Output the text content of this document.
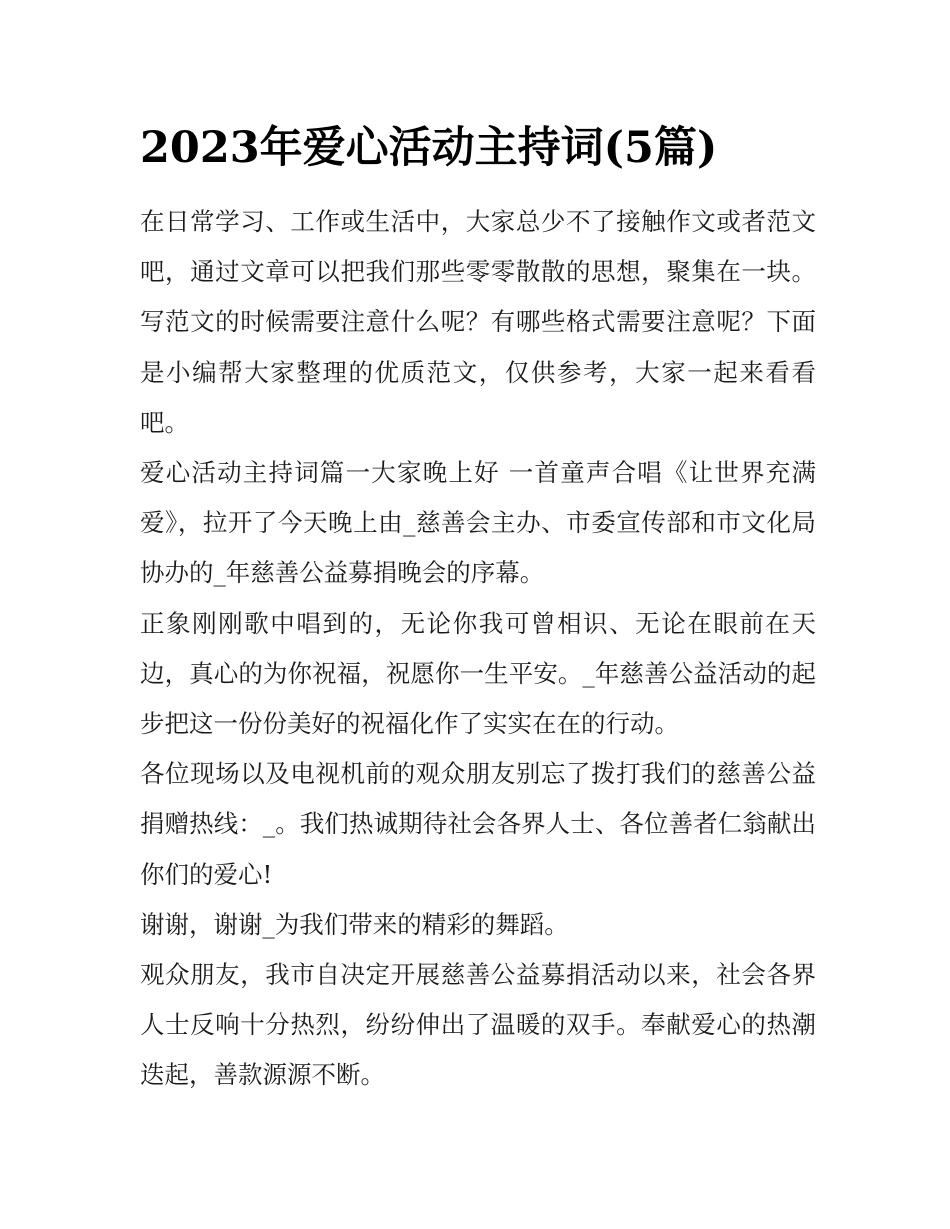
2023年爱心活动主持词(5篇)

在日常学习、工作或生活中，大家总少不了接触作文或者范文吧，通过文章可以把我们那些零零散散的思想，聚集在一块。写范文的时候需要注意什么呢？有哪些格式需要注意呢？下面是小编帮大家整理的优质范文，仅供参考，大家一起来看看吧。

爱心活动主持词篇一大家晚上好 一首童声合唱《让世界充满爱》，拉开了今天晚上由_慈善会主办、市委宣传部和市文化局协办的_年慈善公益募捐晚会的序幕。

正象刚刚歌中唱到的，无论你我可曾相识、无论在眼前在天边，真心的为你祝福，祝愿你一生平安。_年慈善公益活动的起步把这一份份美好的祝福化作了实实在在的行动。

各位现场以及电视机前的观众朋友别忘了拨打我们的慈善公益捐赠热线：_。我们热诚期待社会各界人士、各位善者仁翁献出你们的爱心!

谢谢，谢谢_为我们带来的精彩的舞蹈。

观众朋友，我市自决定开展慈善公益募捐活动以来，社会各界人士反响十分热烈，纷纷伸出了温暖的双手。奉献爱心的热潮迭起，善款源源不断。
